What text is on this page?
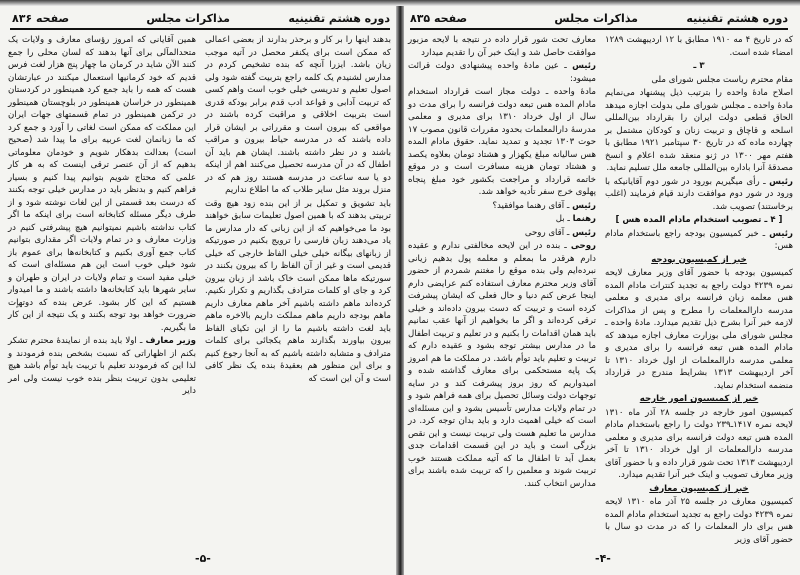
دوره هشتم تقنینیه
مذاکرات مجلس
صفحه ۸۳۶

بدهند اینها را بر کار و برحذر بدارند از بعضی اعمالی که ممکن است برای یکنفر محصل در آتیه موجب زیان باشد. ایزرا آنچه که بنده تشخیص کردم در مدارس لشنیدم یک کلمه راجع بتربیت گفته شود ولی اصول تعلیم و تدریسی خیلی خوب است واهم کسی که تربیت آدابی و قواعد ادب قدم برابر بودکه قدری است بتربیت اخلاقی و مراقبت کرده باشند در مواقعی که بیرون است و مقرراتی بر ایشان قرار داده باشند که در مدرسه حیاط بیرون و مراقب باشند و در نظر داشته باشند. ایشان هم باید آن اطفال که در آن مدرسه تحصیل می‌کنند اهم از اینکه دو یا سه ساعت در مدرسه هستند روز هم که در منزل بروند مثل سایر طلاب که ما اطلاع نداریم

باید تشویق و تمکیل بر از این بنده زود هیچ وقت تربیتی بدهند که با همین اصول تعلیمات سابق خواهند بود ما می‌خواهیم که از این زبانی که دار مدارس ما یاد می‌دهند زبان فارسی را ترویج بکنیم در صورتیکه از زبانهای بیگانه خیلی خیلی الفاظ خارجی که خیلی قدیمی است و غیر از آن الفاظ را که بیرون بکنند در سورتیکه ماها ممکن است خاک باشد از زبان بیرون کرد و جای او کلمات مترادف بگذاریم و تکرار نکنیم. کرده‌اند ماهم داشته باشیم آخر ماهم معارف داریم ماهم بودجه داریم ماهم مملکت داریم بالاخره ماهم باید لغت داشته باشیم ما را از این تکیای الفاظ بیرون بیاورند بگذارند ماهم یکجائی برای کلمات مترادف و متشابه داشته باشیم که به آنجا رجوع کنیم و برای این منظور هم بعقیدهٔ بنده یک نظر کافی است و آن این است که

همین آقایانی که امروز رؤسای معارف و ولایات یک متحدالمآلی برای آنها بدهند که لسان محلی را جمع کنند الآن شاید در کرمان ما چهار پنج هزار لغت فرس قدیم که خود کرمانیها استعمال میکنند در عبارتشان هست که همه را باید جمع کرد همینطور در کردستان همینطور در خراسان همینطور در بلوچستان همینطور در ترکمن همینطور در تمام قسمتهای جهات ایران این مملکت که ممکن است لغاتی را آورد و جمع کرد که ما زبانمان لغت عربیه برای ما پیدا شد (صحیح است) بعدالت بدهکار شویم و خودمان معلوماتی بدهیم که از آن عنصر ترقی اینست که به هر کار علمی که محتاج شویم بتوانیم پیدا کنیم و بسیار فراهم کنیم و بدنظر باید در مدارس خیلی توجه بکنند که درست بعد قسمتی از این لغات نوشته شود و از طرف دیگر مسئله کتابخانه است برای اینکه ما اگر کتاب نداشته باشیم نمیتوانیم هیچ پیشرفتی کنیم در وزارت معارف و در تمام ولایات اگر مقداری بتوانیم کتاب جمع آوری بکنیم و کتابخانه‌ها برای عموم باز شود خیلی خوب است این هم مسئله‌ای است که خیلی مفید است و تمام ولایات در ایران و طهران و سایر شهرها باید کتابخانه‌ها داشته باشند و ما امیدوار هستیم که این کار بشود. عرض بنده که دوتهاٍت ضرورت خواهد بود توجه بکنند و یک نتیجه از این کار ما بگیریم.

وزیر معارف ـ اولا باید بنده از نمایندهٔ محترم تشکر بکنم از اظهاراتی که نسبت بشخص بنده فرمودند و لذا این که فرمودند تعلیم با تربیت باید توأم باشد هیچ تعلیمی بدون تربیت بنظر بنده خوب نیست ولی امر دایر

-۵-
دوره هشتم تقنینیه
مذاکرات مجلس
صفحه ۸۳۵

که در تاریخ ۴ مه ۱۹۱۰ مطابق با ۱۲ اردیبهشت ۱۲۸۹ امضاء شده است.

۳ ـ

مقام محترم ریاست مجلس شورای ملی

اصلاح مادهٔ واحده را بترتیب ذیل پیشنهاد می‌نمایم مادهٔ واحده ـ مجلس شورای ملی بدولت اجازه میدهد الحاق قطعی دولت ایران را بقرارداد بین‌المللی اسلحه و قاچاق و تربیت زنان و کودکان مشتمل بر چهارده ماده که در تاریخ ۳۰ سپتامبر ۱۹۲۱ مطابق با هفتم مهر ۱۳۰۰ در ژنو منعقد شده اعلام و انسخ مصدقهٔ آنرا باداره بین‌المللی جامعه ملل تسلیم نماید.

رئیس ـ رأی میگیریم بورود در شور دوم آقایانیکه با ورود در شور دوم موافقت دارند قیام فرمایند (اغلب برخاستند) تصویب شد.

[ ۴ ـ تصویب استخدام مادام المده هس ]

رئیس ـ خبر کمیسیون بودجه راجع باستخدام مادام هس:

خبر از کمیسیون بودجه

کمیسیون بودجه با حضور آقای وزیر معارف لایحه نمره ۴۲۳۹ دولت راجع به تجدید کنترات مادام المده هس معلمه زبان فرانسه برای مدیری و معلمی مدرسه دارالمعلمات را مطرح و پس از مذاکرات لازمه خبر آنرا بشرح ذیل تقدیم میدارد. مادهٔ واحده ـ مجلس شورای ملی بوزارت معارف اجازه میدهد که مادام المده هس تبعه فرانسه را برای مدیری و معلمی مدرسه دارالمعلمات از اول خرداد ۱۳۱۰ تا آخر اردیبهشت ۱۳۱۳ بشرایط مندرج در قرارداد منضمه استخدام نماید.

خبر از کمیسیون امور خارجه

کمیسیون امور خارجه در جلسه ۲۸ آذر ماه ۱۳۱۰ لایحه نمره ۱۴۱۷ـ۲۳۹ دولت را راجع باستخدام مادام المده هس تبعه دولت فرانسه برای مدیری و معلمی مدرسه دارالمعلمات از اول خرداد ۱۳۱۰ تا آخر اردیبهشت ۱۳۱۳ تحت شور قرار داده و با حضور آقای وزیر معارف تصویب و اینک خبر آنرا تقدیم میدارد.

خبر از کمیسیون معارف

کمیسیون معارف در جلسه ۲۵ آذر ماه ۱۳۱۰ لایحه نمره ۴۲۳۹ دولت راجع به تجدید استخدام مادام المده هس برای دار المعلمات را که در مدت دو سال با حضور آقای وزیر

معارف تحت شور قرار داده در نتیجه با لایحه مزبور موافقت حاصل شد و اینک خبر آن را تقدیم میدارد

رئیس ـ عین مادهٔ واحده پیشنهادی دولت قرائت میشود:

مادهٔ واحده ـ دولت مجاز است قرارداد استخدام مادام المده هس تبعه دولت فرانسه را برای مدت دو سال از اول خرداد ۱۳۱۰ برای مدیری و معلمی مدرسهٔ دارالمعلمات بحدود مقررات قانون مصوب ۱۷ حوت ۱۳۰۳ تجدید و تمدید نماید. حقوق مادام المده هس سالیانه مبلغ یکهزار و هشتاد تومان بعلاوه یکصد و هشتاد تومان هزینه مسافرت است و در موقع خاتمه قرارداد و مراجعت بکشور خود مبلغ پنجاه پهلوی خرج سفر تأدیه خواهد شد.

رئیس ـ آقای رهنما موافقید؟

رهنما ـ بل

رئیس ـ آقای روحی

روحی ـ بنده در این لایحه مخالفتی ندارم و عقیده دارم هرقدر ما بمعلم و معلمه پول بدهیم زیانی نبرده‌ایم ولی بنده موقع را مغتنم شمردم از حضور آقای وزیر محترم معارف استفاده کنم عرایضی دارم اینجا عرض کنم دنیا و حال فعلی که ایشان پیشرفت کرده است و تربیت که دست بیرون داده‌اند و خیلی ترقی کرده‌اند و اگر ما بخواهیم از آنها عقب نمانیم باید همان اقدامات را بکنیم و در تعلیم و تربیت اطفال ما در مدارس بیشتر توجه بشود و عقیده دارم که تربیت و تعلیم باید توأم باشد. در مملکت ما هم امروز یک پایه مستحکمی برای معارف گذاشته شده و امیدواریم که روز بروز پیشرفت کند و در سایه توجهات دولت وسائل تحصیل برای همه فراهم شود و در تمام ولایات مدارس تأسیس بشود و این مسئله‌ای است که خیلی اهمیت دارد و باید بدان توجه کرد. در مدارس ما تعلیم هست ولی تربیت نیست و این نقص بزرگی است و باید در این قسمت اقدامات جدی بعمل آید تا اطفال ما که آتیه مملکت هستند خوب تربیت شوند و معلمین را که تربیت شده باشند برای مدارس انتخاب کنند.

-۴-
